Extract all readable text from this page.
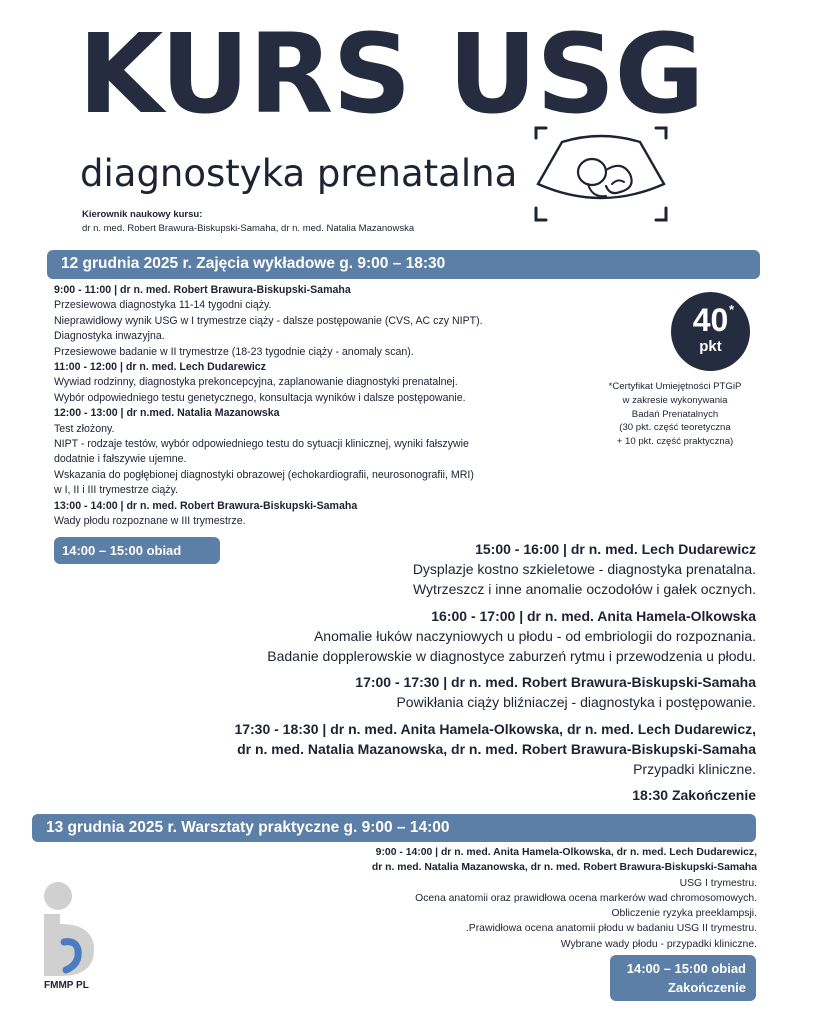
KURS USG
diagnostyka prenatalna
Kierownik naukowy kursu:
dr n. med. Robert Brawura-Biskupski-Samaha, dr n. med. Natalia Mazanowska
12 grudnia 2025 r. Zajęcia wykładowe g. 9:00 – 18:30
9:00 - 11:00 | dr n. med. Robert Brawura-Biskupski-Samaha
Przesiewowa diagnostyka 11-14 tygodni ciąży.
Nieprawidłowy wynik USG w I trymestrze ciąży - dalsze postępowanie (CVS, AC czy NIPT).
Diagnostyka inwazyjna.
Przesiewowe badanie w II trymestrze (18-23 tygodnie ciąży - anomaly scan).
11:00 - 12:00 | dr n. med. Lech Dudarewicz
Wywiad rodzinny, diagnostyka prekoncepcyjna, zaplanowanie diagnostyki prenatalnej.
Wybór odpowiedniego testu genetycznego, konsultacja wyników i dalsze postępowanie.
12:00 - 13:00 | dr n.med. Natalia Mazanowska
Test złożony.
NIPT - rodzaje testów, wybór odpowiedniego testu do sytuacji klinicznej, wyniki fałszywie
dodatnie i fałszywie ujemne.
Wskazania do pogłębionej diagnostyki obrazowej (echokardiografii, neurosonografii, MRI)
w I, II i III trymestrze ciąży.
13:00 - 14:00 | dr n. med. Robert Brawura-Biskupski-Samaha
Wady płodu rozpoznane w III trymestrze.
14:00 – 15:00 obiad	15:00 - 16:00 | dr n. med. Lech Dudarewicz
Dysplazje kostno szkieletowe - diagnostyka prenatalna.
Wytrzeszcz i inne anomalie oczodołów i gałek ocznych.
16:00 - 17:00 | dr n. med. Anita Hamela-Olkowska
Anomalie łuków naczyniowych u płodu - od embriologii do rozpoznania.
Badanie dopplerowskie w diagnostyce zaburzeń rytmu i przewodzenia u płodu.
17:00 - 17:30 | dr n. med. Robert Brawura-Biskupski-Samaha
Powikłania ciąży bliźniaczej - diagnostyka i postępowanie.
17:30 - 18:30 | dr n. med. Anita Hamela-Olkowska, dr n. med. Lech Dudarewicz,
dr n. med. Natalia Mazanowska, dr n. med. Robert Brawura-Biskupski-Samaha
Przypadki kliniczne.
18:30 Zakończenie
40 *
pkt
*Certyfikat Umiejętności PTGiP
w zakresie wykonywania
Badań Prenatalnych
(30 pkt. część teoretyczna
+ 10 pkt. część praktyczna)
13 grudnia 2025 r. Warsztaty praktyczne g. 9:00 – 14:00
9:00 - 14:00 | dr n. med. Anita Hamela-Olkowska, dr n. med. Lech Dudarewicz,
dr n. med. Natalia Mazanowska, dr n. med. Robert Brawura-Biskupski-Samaha
USG I trymestru.
Ocena anatomii oraz prawidłowa ocena markerów wad chromosomowych.
Obliczenie ryzyka preeklampsji.
.Prawidłowa ocena anatomii płodu w badaniu USG II trymestru.
Wybrane wady płodu - przypadki kliniczne.
14:00 – 15:00 obiad
Zakończenie
FMMP PL
